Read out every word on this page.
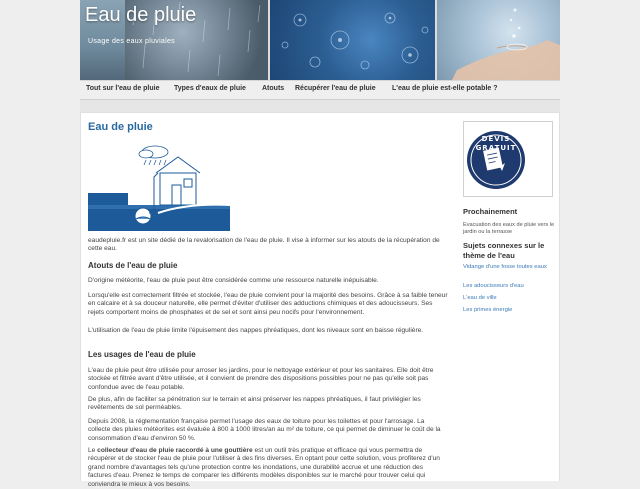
Eau de pluie
Usage des eaux pluviales
Tout sur l'eau de pluie Types d'eaux de pluie Atouts Récupérer l'eau de pluie L'eau de pluie est-elle potable ?
Eau de pluie

eaudepluie.fr est un site dédié de la revalorisation de l'eau de pluie. Il vise à informer sur les atouts de la récupération de cette eau.

Atouts de l'eau de pluie

D'origine météorite, l'eau de pluie peut être considérée comme une ressource naturelle inépuisable.

Lorsqu'elle est correctement filtrée et stockée, l'eau de pluie convient pour la majorité des besoins. Grâce à sa faible teneur en calcaire et à sa douceur naturelle, elle permet d'éviter d'utiliser des adductions chimiques et des adoucisseurs. Ses rejets comportent moins de phosphates et de sel et sont ainsi peu nocifs pour l'environnement.

L'utilisation de l'eau de pluie limite l'épuisement des nappes phréatiques, dont les niveaux sont en baisse régulière.

Les usages de l'eau de pluie

L'eau de pluie peut être utilisée pour arroser les jardins, pour le nettoyage extérieur et pour les sanitaires. Elle doit être stockée et filtrée avant d'être utilisée, et il convient de prendre des dispositions possibles pour ne pas qu'elle soit pas confondue avec de l'eau potable.

De plus, afin de faciliter sa pénétration sur le terrain et ainsi préserver les nappes phréatiques, il faut privilégier les revêtements de sol perméables.

Depuis 2008, la réglementation française permet l'usage des eaux de toiture pour les toilettes et pour l'arrosage. La collecte des pluies météorites est évaluée à 800 à 1000 litres/an au m² de toiture, ce qui permet de diminuer le coût de la consommation d'eau d'environ 50 %.

Le collecteur d'eau de pluie raccordé à une gouttière est un outil très pratique et efficace qui vous permettra de récupérer et de stocker l'eau de pluie pour l'utiliser à des fins diverses. En optant pour cette solution, vous profiterez d'un grand nombre d'avantages tels qu'une protection contre les inondations, une durabilité accrue et une réduction des factures d'eau. Prenez le temps de comparer les différents modèles disponibles sur le marché pour trouver celui qui conviendra le mieux à vos besoins.

DEVIS GRATUIT
Prochainement
Evacuation des eaux de pluie vers le jardin ou la terrasse
Sujets connexes sur le thème de l'eau
Vidange d'une fosse toutes eaux
Les adoucisseurs d'eau
L'eau de ville
Les primes énergie
